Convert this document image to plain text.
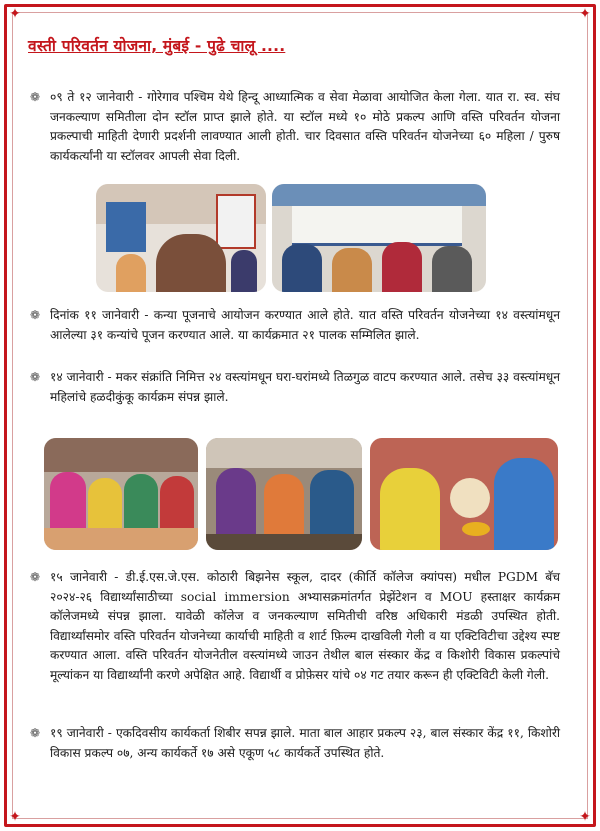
✦	✦
✦	✦
वस्ती परिवर्तन योजना, मुंबई - पुढे चालू ....
❁ ०९ ते १२ जानेवारी - गोरेगाव पश्चिम येथे हिन्दू आध्यात्मिक व सेवा मेळावा आयोजित केला गेला. यात रा. स्व. संघ जनकल्याण समितीला दोन स्टॉल प्राप्त झाले होते. या स्टॉल मध्ये १० मोठे प्रकल्प आणि वस्ति परिवर्तन योजना प्रकल्पाची माहिती देणारी प्रदर्शनी लावण्यात आली होती. चार दिवसात वस्ति परिवर्तन योजनेच्या ६० महिला / पुरुष कार्यकर्त्यांनी या स्टॉलवर आपली सेवा दिली.

❁ दिनांक ११ जानेवारी - कन्या पूजनाचे आयोजन करण्यात आले होते. यात वस्ति परिवर्तन योजनेच्या १४ वस्त्यांमधून आलेल्या ३१ कन्यांचे पूजन करण्यात आले. या कार्यक्रमात २१ पालक सम्मिलित झाले.

❁ १४ जानेवारी - मकर संक्रांति निमित्त २४ वस्त्यांमधून घरा-घरांमध्ये तिळगुळ वाटप करण्यात आले. तसेच ३३ वस्त्यांमधून महिलांचे हळदीकुंकू कार्यक्रम संपन्न झाले.

❁ १५ जानेवारी - डी.ई.एस.जे.एस. कोठारी बिझनेस स्कूल, दादर (कीर्ति कॉलेज क्यांपस) मधील PGDM बॅच २०२४-२६ विद्यार्थ्यांसाठीच्या social immersion अभ्यासक्रमांतर्गत प्रेझेंटेशन व MOU हस्ताक्षर कार्यक्रम कॉलेजमध्ये संपन्न झाला. यावेळी कॉलेज व जनकल्याण समितीची वरिष्ठ अधिकारी मंडळी उपस्थित होती. विद्यार्थ्यांसमोर वस्ति परिवर्तन योजनेच्या कार्याची माहिती व शार्ट फ़िल्म दाखविली गेली व या एक्टिविटीचा उद्देश्य स्पष्ट करण्यात आला. वस्ति परिवर्तन योजनेतील वस्त्यांमध्ये जाउन तेथील बाल संस्कार केंद्र व किशोरी विकास प्रकल्पांचे मूल्यांकन या विद्यार्थ्यांनी करणे अपेक्षित आहे. विद्यार्थी व प्रोफ़ेसर यांचे ०४ गट तयार करून ही एक्टिविटी केली गेली.

❁ १९ जानेवारी - एकदिवसीय कार्यकर्ता शिबीर सपन्न झाले. माता बाल आहार प्रकल्प २३, बाल संस्कार केंद्र ११, किशोरी विकास प्रकल्प ०७, अन्य कार्यकर्ते १७ असे एकूण ५८ कार्यकर्ते उपस्थित होते.
